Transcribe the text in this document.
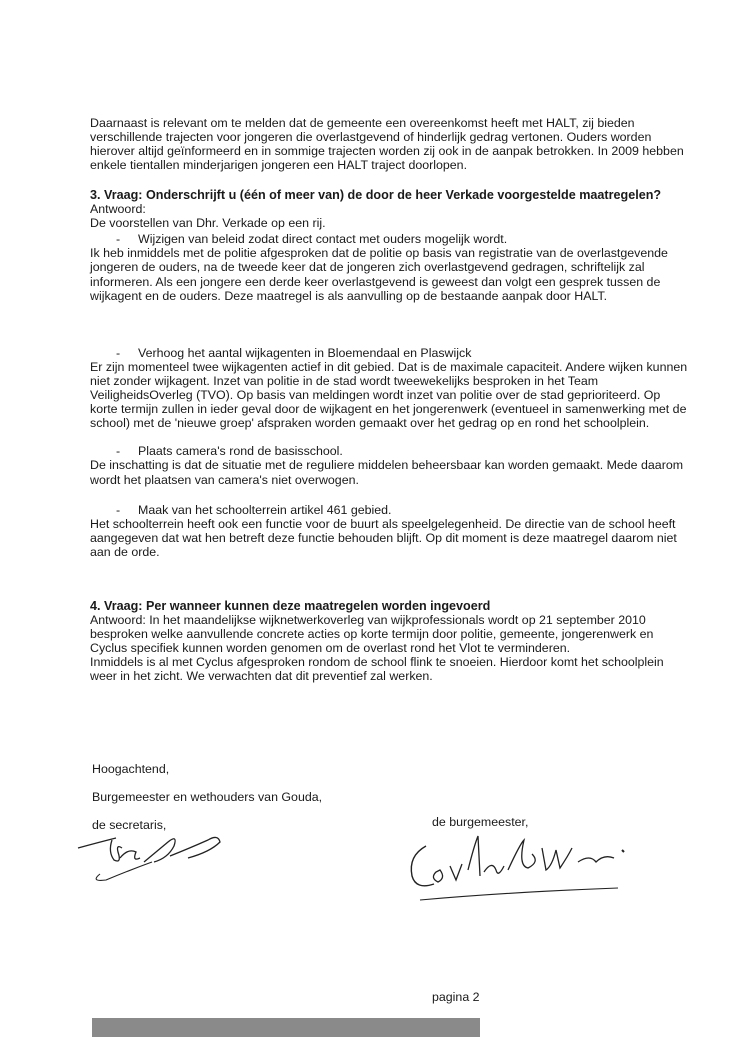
Daarnaast is relevant om te melden dat de gemeente een overeenkomst heeft met HALT, zij bieden verschillende trajecten voor jongeren die overlastgevend of hinderlijk gedrag vertonen. Ouders worden hierover altijd geïnformeerd en in sommige trajecten worden zij ook in de aanpak betrokken. In 2009 hebben enkele tientallen minderjarigen jongeren een HALT traject doorlopen.

3. Vraag: Onderschrijft u (één of meer van) de door de heer Verkade voorgestelde maatregelen?

Antwoord:

De voorstellen van Dhr. Verkade op een rij.

- Wijzigen van beleid zodat direct contact met ouders mogelijk wordt.

Ik heb inmiddels met de politie afgesproken dat de politie op basis van registratie van de overlastgevende jongeren de ouders, na de tweede keer dat de jongeren zich overlastgevend gedragen, schriftelijk zal informeren. Als een jongere een derde keer overlastgevend is geweest dan volgt een gesprek tussen de wijkagent en de ouders. Deze maatregel is als aanvulling op de bestaande aanpak door HALT.

- Verhoog het aantal wijkagenten in Bloemendaal en Plaswijck

Er zijn momenteel twee wijkagenten actief in dit gebied. Dat is de maximale capaciteit. Andere wijken kunnen niet zonder wijkagent. Inzet van politie in de stad wordt tweewekelijks besproken in het Team VeiligheidsOverleg (TVO). Op basis van meldingen wordt inzet van politie over de stad geprioriteerd. Op korte termijn zullen in ieder geval door de wijkagent en het jongerenwerk (eventueel in samenwerking met de school) met de 'nieuwe groep' afspraken worden gemaakt over het gedrag op en rond het schoolplein.

- Plaats camera's rond de basisschool.

De inschatting is dat de situatie met de reguliere middelen beheersbaar kan worden gemaakt. Mede daarom wordt het plaatsen van camera's niet overwogen.

- Maak van het schoolterrein artikel 461 gebied.

Het schoolterrein heeft ook een functie voor de buurt als speelgelegenheid. De directie van de school heeft aangegeven dat wat hen betreft deze functie behouden blijft. Op dit moment is deze maatregel daarom niet aan de orde.

4. Vraag: Per wanneer kunnen deze maatregelen worden ingevoerd

Antwoord: In het maandelijkse wijknetwerkoverleg van wijkprofessionals wordt op 21 september 2010 besproken welke aanvullende concrete acties op korte termijn door politie, gemeente, jongerenwerk en Cyclus specifiek kunnen worden genomen om de overlast rond het Vlot te verminderen.

Inmiddels is al met Cyclus afgesproken rondom de school flink te snoeien. Hierdoor komt het schoolplein weer in het zicht. We verwachten dat dit preventief zal werken.

Hoogachtend,
Burgemeester en wethouders van Gouda,
de secretaris,	de burgemeester,
pagina 2
